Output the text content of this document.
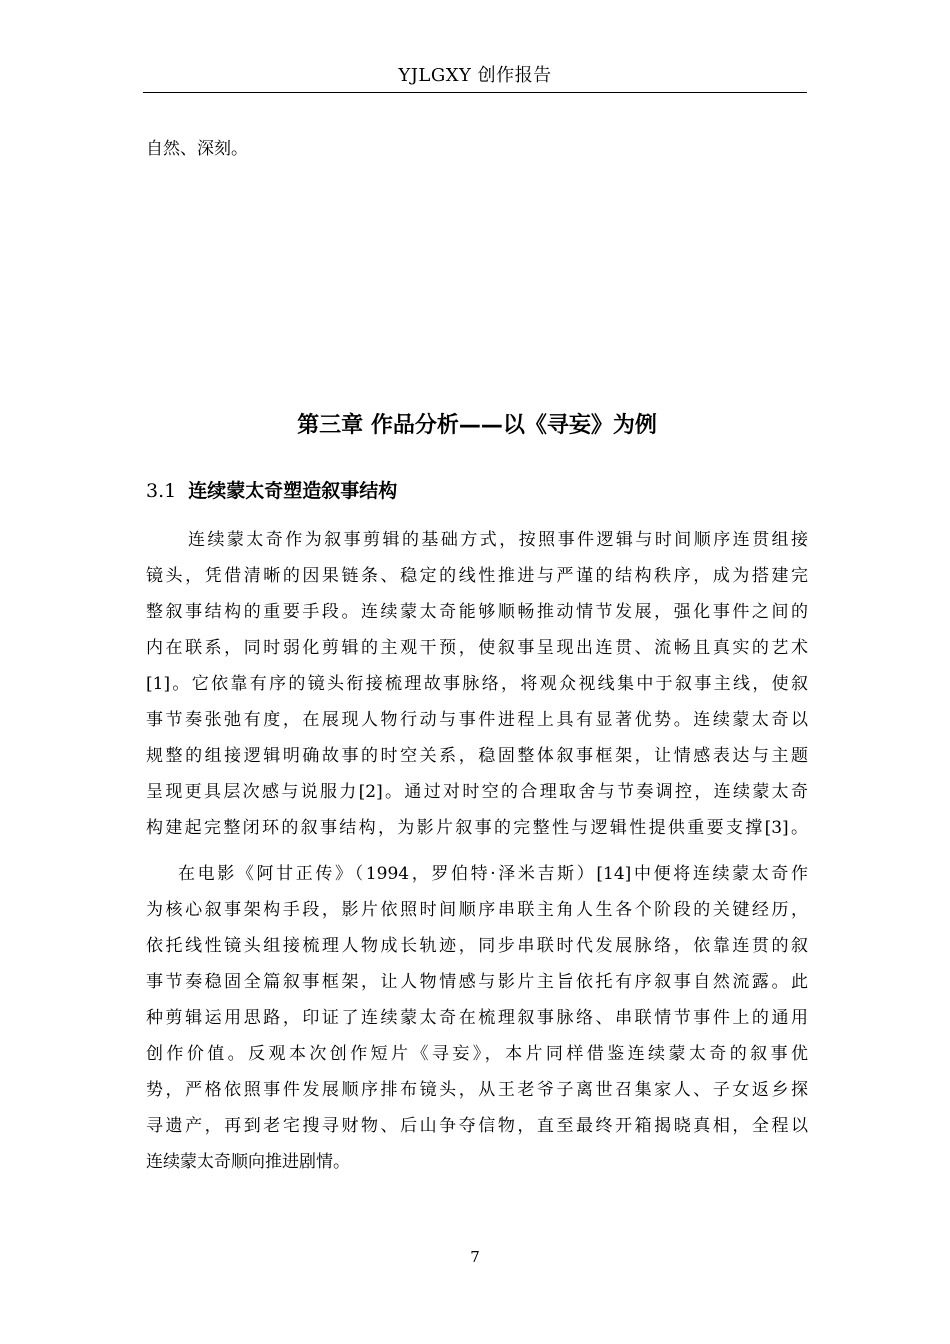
YJLGXY 创作报告
自然、深刻。
第三章 作品分析——以《寻妄》为例
3.1 连续蒙太奇塑造叙事结构
连续蒙太奇作为叙事剪辑的基础方式，按照事件逻辑与时间顺序连贯组接
镜头，凭借清晰的因果链条、稳定的线性推进与严谨的结构秩序，成为搭建完
整叙事结构的重要手段。连续蒙太奇能够顺畅推动情节发展，强化事件之间的
内在联系，同时弱化剪辑的主观干预，使叙事呈现出连贯、流畅且真实的艺术
[1]。它依靠有序的镜头衔接梳理故事脉络，将观众视线集中于叙事主线，使叙
事节奏张弛有度，在展现人物行动与事件进程上具有显著优势。连续蒙太奇以
规整的组接逻辑明确故事的时空关系，稳固整体叙事框架，让情感表达与主题
呈现更具层次感与说服力[2]。通过对时空的合理取舍与节奏调控，连续蒙太奇
构建起完整闭环的叙事结构，为影片叙事的完整性与逻辑性提供重要支撑[3]。
在电影《阿甘正传》（1994，罗伯特·泽米吉斯）[14]中便将连续蒙太奇作
为核心叙事架构手段，影片依照时间顺序串联主角人生各个阶段的关键经历，
依托线性镜头组接梳理人物成长轨迹，同步串联时代发展脉络，依靠连贯的叙
事节奏稳固全篇叙事框架，让人物情感与影片主旨依托有序叙事自然流露。此
种剪辑运用思路，印证了连续蒙太奇在梳理叙事脉络、串联情节事件上的通用
创作价值。反观本次创作短片《寻妄》，本片同样借鉴连续蒙太奇的叙事优
势，严格依照事件发展顺序排布镜头，从王老爷子离世召集家人、子女返乡探
寻遗产，再到老宅搜寻财物、后山争夺信物，直至最终开箱揭晓真相，全程以
连续蒙太奇顺向推进剧情。
7
